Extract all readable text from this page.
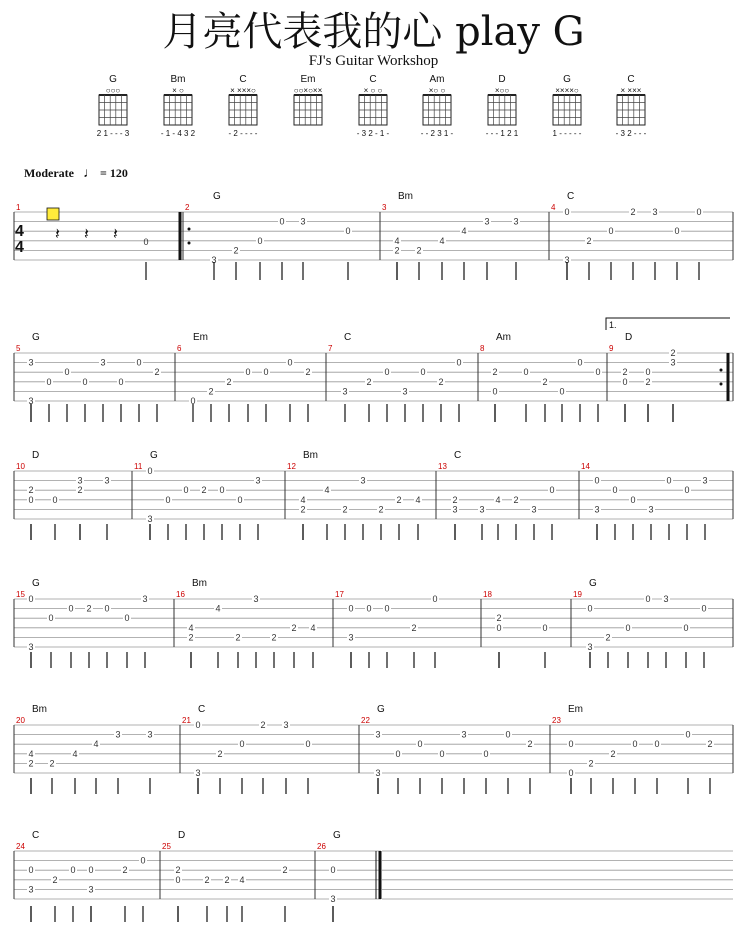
月亮代表我的心 play G
FJ's Guitar Workshop
G
○○○
2 1 - - - 3
Bm
× ○
- 1 - 4 3 2
C
× ×××○
- 2 - - - -
Em
○○×○××
C
× ○ ○
- 3 2 - 1 -
Am
×○ ○
- - 2 3 1 -
D
×○○
- - - 1 2 1
G
××××○
1 - - - - -
C
× ×××
- 3 2 - - -
Moderate ♩ = 120
1	2
G
3
2
0
0 3
0
3
Bm
2
4
2
4
4
3	3
4
C
3
0
2
0
2 3
0
0
4
4
𝄽 𝄽 𝄽	0
5
G
3
3
0
0
0
3
0
0
2
6
Em
0
2
2
0 0
0
2
7
C
3
2
0
3
0
2
0
8
Am
0
2	0
2
0
0
0
9
D
0
2
2
0
2
3
1.
10
D
0
2
0
2
3 3
11
G
3
0
0
0 2 0
0
3
12
Bm
2
4
4
2
3
2
2 4
13
C
3
2
3
4 2
3
0
14
3
0
0
0
3
0
0
3
15
G
3
0
0
0 2 0
0
3	16
Bm
4
2
4
2
3
2
2 4
17
3
0 0 0
2
0	18
2
0	0
19
G
3
0
2
0
0 3
0
0
20
Bm
2
4
2
4
4
3	3
21
C
3
0
2
0
2 3
0
22
G
3
3
0
0
0
3
0
0
2
23
Em
0
0
2
2
0 0
0
2
24
C
3
0
2
0
3
0	2
0
25
D
2
0	2 2 4
2
26
G
0
3
